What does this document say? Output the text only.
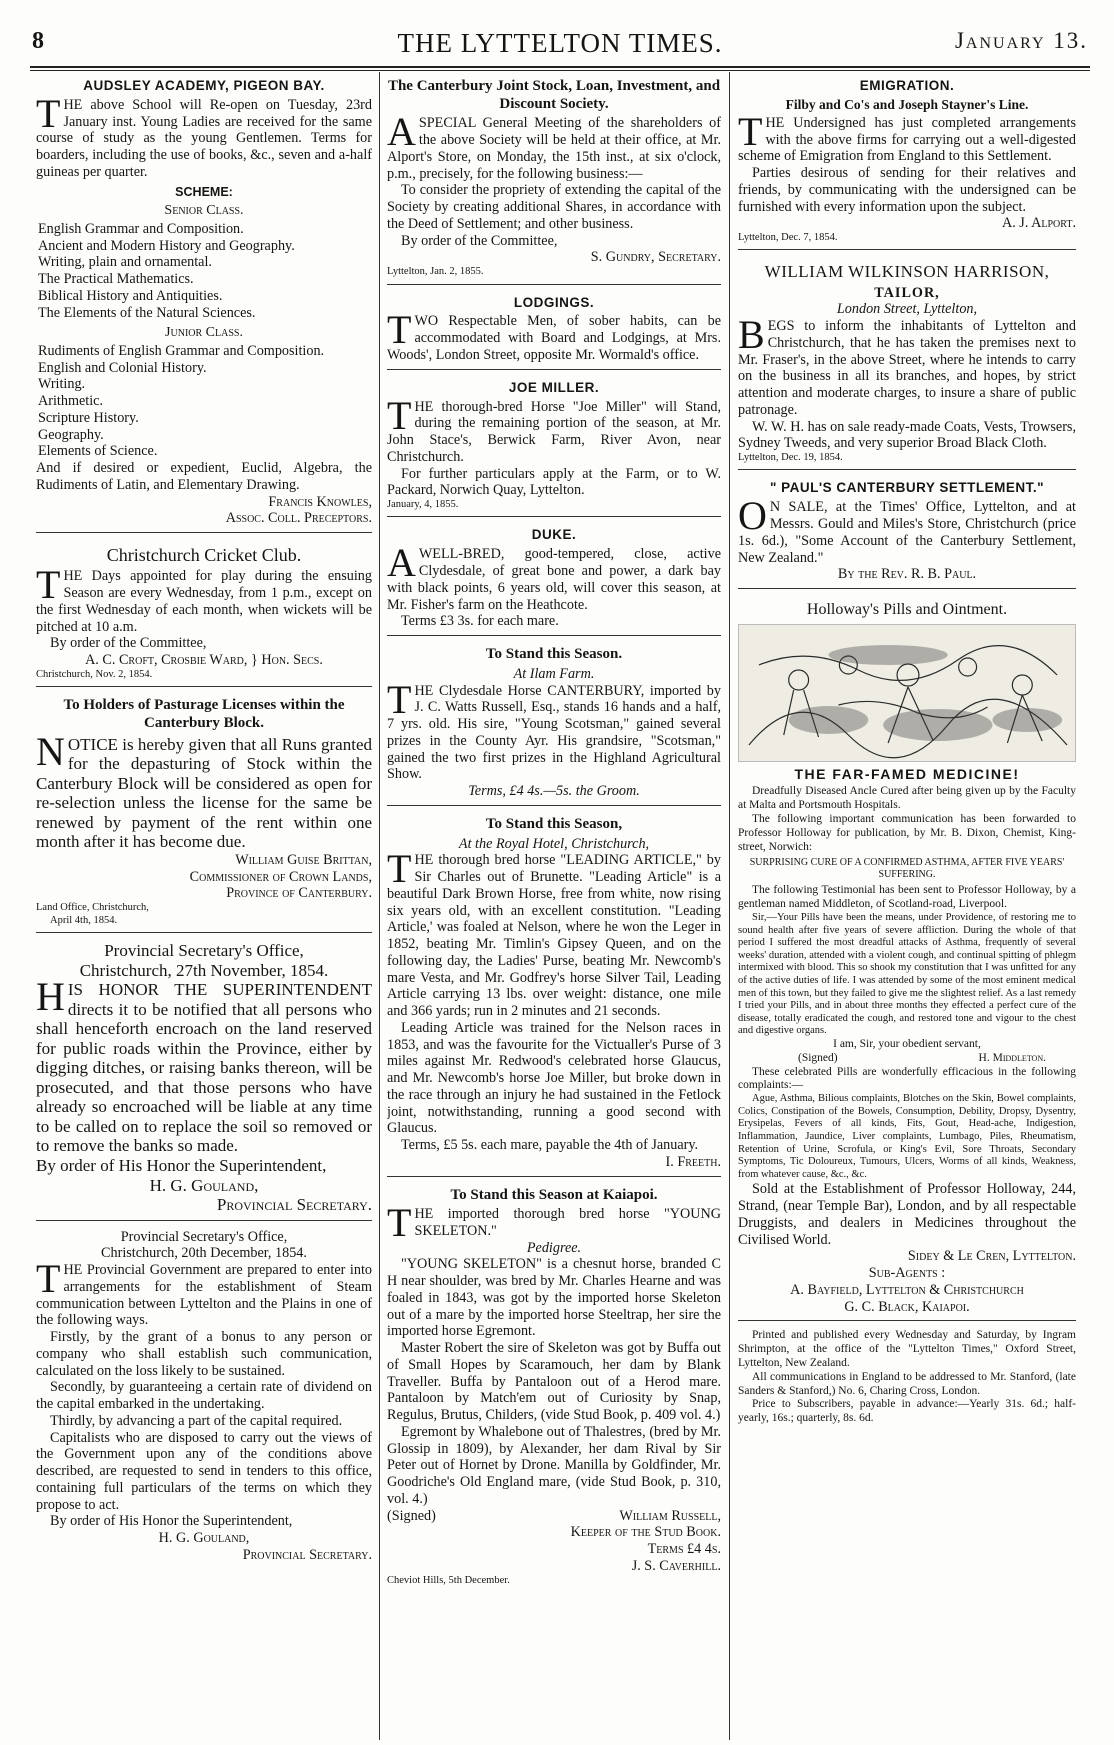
8	THE LYTTELTON TIMES.	January 13.
AUDSLEY ACADEMY, PIGEON BAY.

THE above School will Re-open on Tuesday, 23rd January inst. Young Ladies are received for the same course of study as the young Gentlemen. Terms for boarders, including the use of books, &c., seven and a-half guineas per quarter.

SCHEME:
Senior Class.
English Grammar and Composition.
Ancient and Modern History and Geography.
Writing, plain and ornamental.
The Practical Mathematics.
Biblical History and Antiquities.
The Elements of the Natural Sciences.
Junior Class.
Rudiments of English Grammar and Composition.
English and Colonial History.
Writing.
Arithmetic.
Scripture History.
Geography.
Elements of Science.

And if desired or expedient, Euclid, Algebra, the Rudiments of Latin, and Elementary Drawing.

Francis Knowles,
Assoc. Coll. Preceptors.
Christchurch Cricket Club.

THE Days appointed for play during the ensuing Season are every Wednesday, from 1 p.m., except on the first Wednesday of each month, when wickets will be pitched at 10 a.m.

By order of the Committee,
A. C. Croft, Crosbie Ward, } Hon. Secs.
Christchurch, Nov. 2, 1854.
To Holders of Pasturage Licenses within the Canterbury Block.

NOTICE is hereby given that all Runs granted for the depasturing of Stock within the Canterbury Block will be considered as open for re-selection unless the license for the same be renewed by payment of the rent within one month after it has become due.

William Guise Brittan,
Commissioner of Crown Lands,
Province of Canterbury.
Land Office, Christchurch,
April 4th, 1854.
Provincial Secretary's Office,
Christchurch, 27th November, 1854.

HIS HONOR THE SUPERINTENDENT directs it to be notified that all persons who shall henceforth encroach on the land reserved for public roads within the Province, either by digging ditches, or raising banks thereon, will be prosecuted, and that those persons who have already so encroached will be liable at any time to be called on to replace the soil so removed or to remove the banks so made.

By order of His Honor the Superintendent,
H. G. Gouland,
Provincial Secretary.
Provincial Secretary's Office,
Christchurch, 20th December, 1854.

THE Provincial Government are prepared to enter into arrangements for the establishment of Steam communication between Lyttelton and the Plains in one of the following ways.

Firstly, by the grant of a bonus to any person or company who shall establish such communication, calculated on the loss likely to be sustained.

Secondly, by guaranteeing a certain rate of dividend on the capital embarked in the undertaking.

Thirdly, by advancing a part of the capital required.

Capitalists who are disposed to carry out the views of the Government upon any of the conditions above described, are requested to send in tenders to this office, containing full particulars of the terms on which they propose to act.

By order of His Honor the Superintendent,
H. G. Gouland,
Provincial Secretary.
The Canterbury Joint Stock, Loan, Investment, and Discount Society.

ASPECIAL General Meeting of the shareholders of the above Society will be held at their office, at Mr. Alport's Store, on Monday, the 15th inst., at six o'clock, p.m., precisely, for the following business:—

To consider the propriety of extending the capital of the Society by creating additional Shares, in accordance with the Deed of Settlement; and other business.

By order of the Committee,
S. Gundry, Secretary.
Lyttelton, Jan. 2, 1855.
LODGINGS.

TWO Respectable Men, of sober habits, can be accommodated with Board and Lodgings, at Mrs. Woods', London Street, opposite Mr. Wormald's office.

JOE MILLER.

THE thorough-bred Horse "Joe Miller" will Stand, during the remaining portion of the season, at Mr. John Stace's, Berwick Farm, River Avon, near Christchurch.

For further particulars apply at the Farm, or to W. Packard, Norwich Quay, Lyttelton.

January, 4, 1855.
DUKE.

AWELL-BRED, good-tempered, close, active Clydesdale, of great bone and power, a dark bay with black points, 6 years old, will cover this season, at Mr. Fisher's farm on the Heathcote.

Terms £3 3s. for each mare.
To Stand this Season.
At Ilam Farm.

THE Clydesdale Horse CANTERBURY, imported by J. C. Watts Russell, Esq., stands 16 hands and a half, 7 yrs. old. His sire, "Young Scotsman," gained several prizes in the County Ayr. His grandsire, "Scotsman," gained the two first prizes in the Highland Agricultural Show.

Terms, £4 4s.—5s. the Groom.
To Stand this Season,
At the Royal Hotel, Christchurch,

THE thorough bred horse "LEADING ARTICLE," by Sir Charles out of Brunette. "Leading Article" is a beautiful Dark Brown Horse, free from white, now rising six years old, with an excellent constitution. "Leading Article,' was foaled at Nelson, where he won the Leger in 1852, beating Mr. Timlin's Gipsey Queen, and on the following day, the Ladies' Purse, beating Mr. Newcomb's mare Vesta, and Mr. Godfrey's horse Silver Tail, Leading Article carrying 13 lbs. over weight: distance, one mile and 366 yards; run in 2 minutes and 21 seconds.

Leading Article was trained for the Nelson races in 1853, and was the favourite for the Victualler's Purse of 3 miles against Mr. Redwood's celebrated horse Glaucus, and Mr. Newcomb's horse Joe Miller, but broke down in the race through an injury he had sustained in the Fetlock joint, notwithstanding, running a good second with Glaucus.

Terms, £5 5s. each mare, payable the 4th of January.

I. Freeth.
To Stand this Season at Kaiapoi.

THE imported thorough bred horse "YOUNG SKELETON."

Pedigree.

"YOUNG SKELETON" is a chesnut horse, branded C H near shoulder, was bred by Mr. Charles Hearne and was foaled in 1843, was got by the imported horse Skeleton out of a mare by the imported horse Steeltrap, her sire the imported horse Egremont.

Master Robert the sire of Skeleton was got by Buffa out of Small Hopes by Scaramouch, her dam by Blank Traveller. Buffa by Pantaloon out of a Herod mare. Pantaloon by Match'em out of Curiosity by Snap, Regulus, Brutus, Childers, (vide Stud Book, p. 409 vol. 4.)

Egremont by Whalebone out of Thalestres, (bred by Mr. Glossip in 1809), by Alexander, her dam Rival by Sir Peter out of Hornet by Drone. Manilla by Goldfinder, Mr. Goodriche's Old England mare, (vide Stud Book, p. 310, vol. 4.)

(Signed)	William Russell,
Keeper of the Stud Book.
Terms £4 4s.
J. S. Caverhill.
Cheviot Hills, 5th December.
EMIGRATION.
Filby and Co's and Joseph Stayner's Line.

THE Undersigned has just completed arrangements with the above firms for carrying out a well-digested scheme of Emigration from England to this Settlement.

Parties desirous of sending for their relatives and friends, by communicating with the undersigned can be furnished with every information upon the subject.

A. J. Alport.
Lyttelton, Dec. 7, 1854.
WILLIAM WILKINSON HARRISON,
TAILOR,
London Street, Lyttelton,

BEGS to inform the inhabitants of Lyttelton and Christchurch, that he has taken the premises next to Mr. Fraser's, in the above Street, where he intends to carry on the business in all its branches, and hopes, by strict attention and moderate charges, to insure a share of public patronage.

W. W. H. has on sale ready-made Coats, Vests, Trowsers, Sydney Tweeds, and very superior Broad Black Cloth.

Lyttelton, Dec. 19, 1854.
" PAUL'S CANTERBURY SETTLEMENT."

O N SALE, at the Times' Office, Lyttelton, and at Messrs. Gould and Miles's Store, Christchurch (price 1s. 6d.), "Some Account of the Canterbury Settlement, New Zealand."

By the Rev. R. B. Paul.
Holloway's Pills and Ointment.
THE FAR-FAMED MEDICINE!

Dreadfully Diseased Ancle Cured after being given up by the Faculty at Malta and Portsmouth Hospitals.

The following important communication has been forwarded to Professor Holloway for publication, by Mr. B. Dixon, Chemist, King-street, Norwich:

SURPRISING CURE OF A CONFIRMED ASTHMA, AFTER FIVE YEARS' SUFFERING.

The following Testimonial has been sent to Professor Holloway, by a gentleman named Middleton, of Scotland-road, Liverpool.

Sir,—Your Pills have been the means, under Providence, of restoring me to sound health after five years of severe affliction. During the whole of that period I suffered the most dreadful attacks of Asthma, frequently of several weeks' duration, attended with a violent cough, and continual spitting of phlegm intermixed with blood. This so shook my constitution that I was unfitted for any of the active duties of life. I was attended by some of the most eminent medical men of this town, but they failed to give me the slightest relief. As a last remedy I tried your Pills, and in about three months they effected a perfect cure of the disease, totally eradicated the cough, and restored tone and vigour to the chest and digestive organs.

I am, Sir, your obedient servant,
(Signed)	H. Middleton.

These celebrated Pills are wonderfully efficacious in the following complaints:—

Ague, Asthma, Bilious complaints, Blotches on the Skin, Bowel complaints, Colics, Constipation of the Bowels, Consumption, Debility, Dropsy, Dysentry, Erysipelas, Fevers of all kinds, Fits, Gout, Head-ache, Indigestion, Inflammation, Jaundice, Liver complaints, Lumbago, Piles, Rheumatism, Retention of Urine, Scrofula, or King's Evil, Sore Throats, Secondary Symptoms, Tic Doloureux, Tumours, Ulcers, Worms of all kinds, Weakness, from whatever cause, &c., &c.

Sold at the Establishment of Professor Holloway, 244, Strand, (near Temple Bar), London, and by all respectable Druggists, and dealers in Medicines throughout the Civilised World.

Sidey & Le Cren, Lyttelton.
Sub-Agents :
A. Bayfield, Lyttelton & Christchurch
G. C. Black, Kaiapoi.

Printed and published every Wednesday and Saturday, by Ingram Shrimpton, at the office of the "Lyttelton Times," Oxford Street, Lyttelton, New Zealand.

All communications in England to be addressed to Mr. Stanford, (late Sanders & Stanford,) No. 6, Charing Cross, London.

Price to Subscribers, payable in advance:—Yearly 31s. 6d.; half-yearly, 16s.; quarterly, 8s. 6d.
